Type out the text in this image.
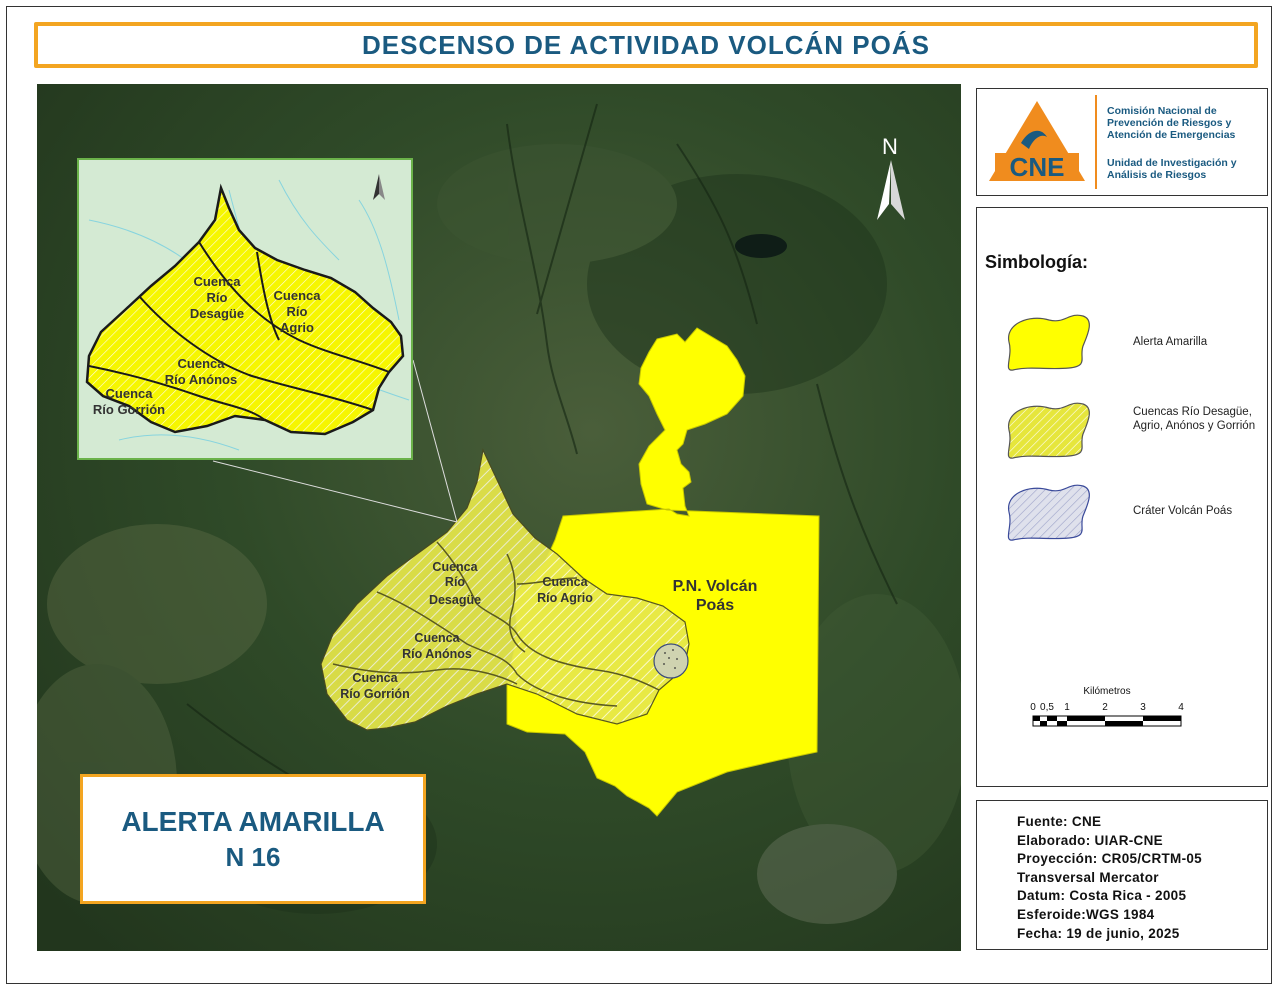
DESCENSO DE ACTIVIDAD VOLCÁN POÁS
N
Cuenca
Río
Desagüe
Cuenca
Río Agrio
Cuenca
Río Anónos
Cuenca
Río Gorrión
P.N. Volcán
Poás
Cuenca
Río
Desagüe
Cuenca
Río
Agrio
Cuenca
Río Anónos
Cuenca
Río Gorrión
ALERTA AMARILLA
N 16
CNE
Comisión Nacional de
Prevención de Riesgos y
Atención de Emergencias
Unidad de Investigación y
Análisis de Riesgos
Simbología:
Alerta Amarilla
Cuencas Río Desagüe, Agrio, Anónos y Gorrión
Cráter Volcán Poás
Kilómetros
0 0,5 1	2	3	4
Fuente: CNE
Elaborado: UIAR-CNE
Proyección: CR05/CRTM-05
Transversal Mercator
Datum: Costa Rica - 2005
Esferoide:WGS 1984
Fecha: 19 de junio, 2025
